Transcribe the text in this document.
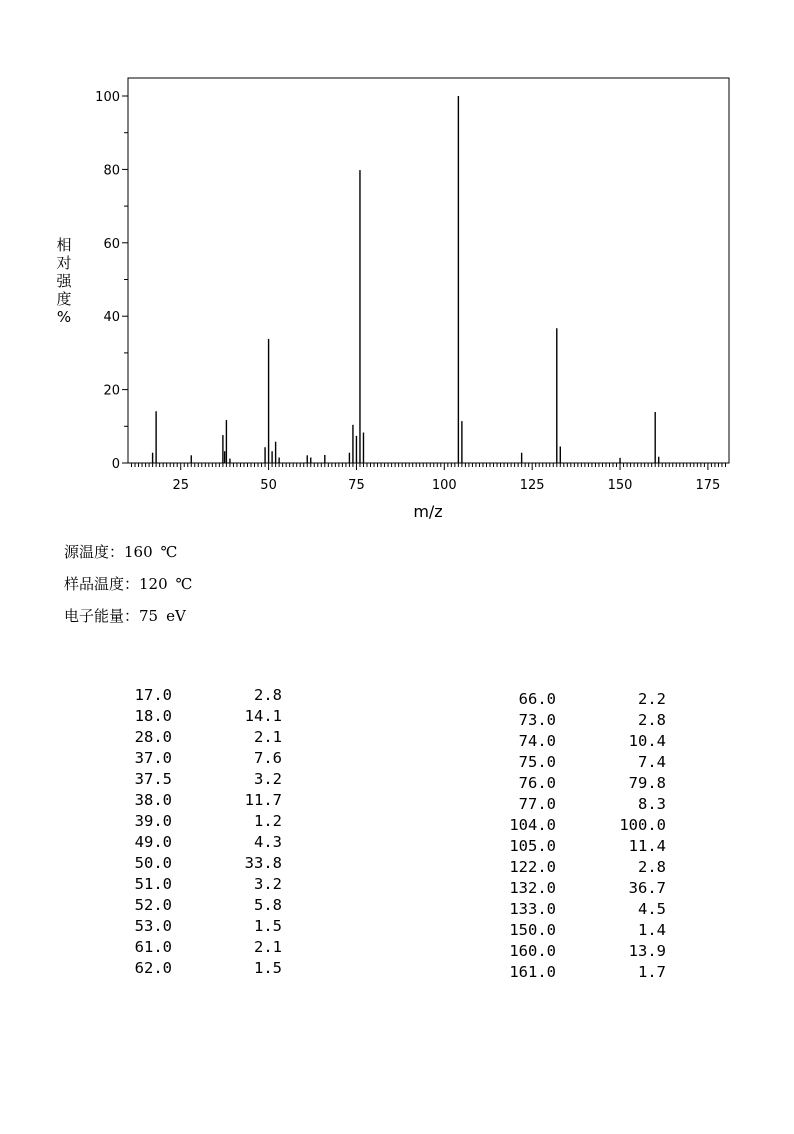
25	50	75	100	125	150	175
0
20
40
60
80
100
m/z
相对强度%
源温度：160 ℃
样品温度：120 ℃
电子能量：75 eV
17.0	2.8
18.0	14.1
28.0	2.1
37.0	7.6
37.5	3.2
38.0	11.7
39.0	1.2
49.0	4.3
50.0	33.8
51.0	3.2
52.0	5.8
53.0	1.5
61.0	2.1
62.0	1.5
66.0	2.2
73.0	2.8
74.0	10.4
75.0	7.4
76.0	79.8
77.0	8.3
104.0	100.0
105.0	11.4
122.0	2.8
132.0	36.7
133.0	4.5
150.0	1.4
160.0	13.9
161.0	1.7
